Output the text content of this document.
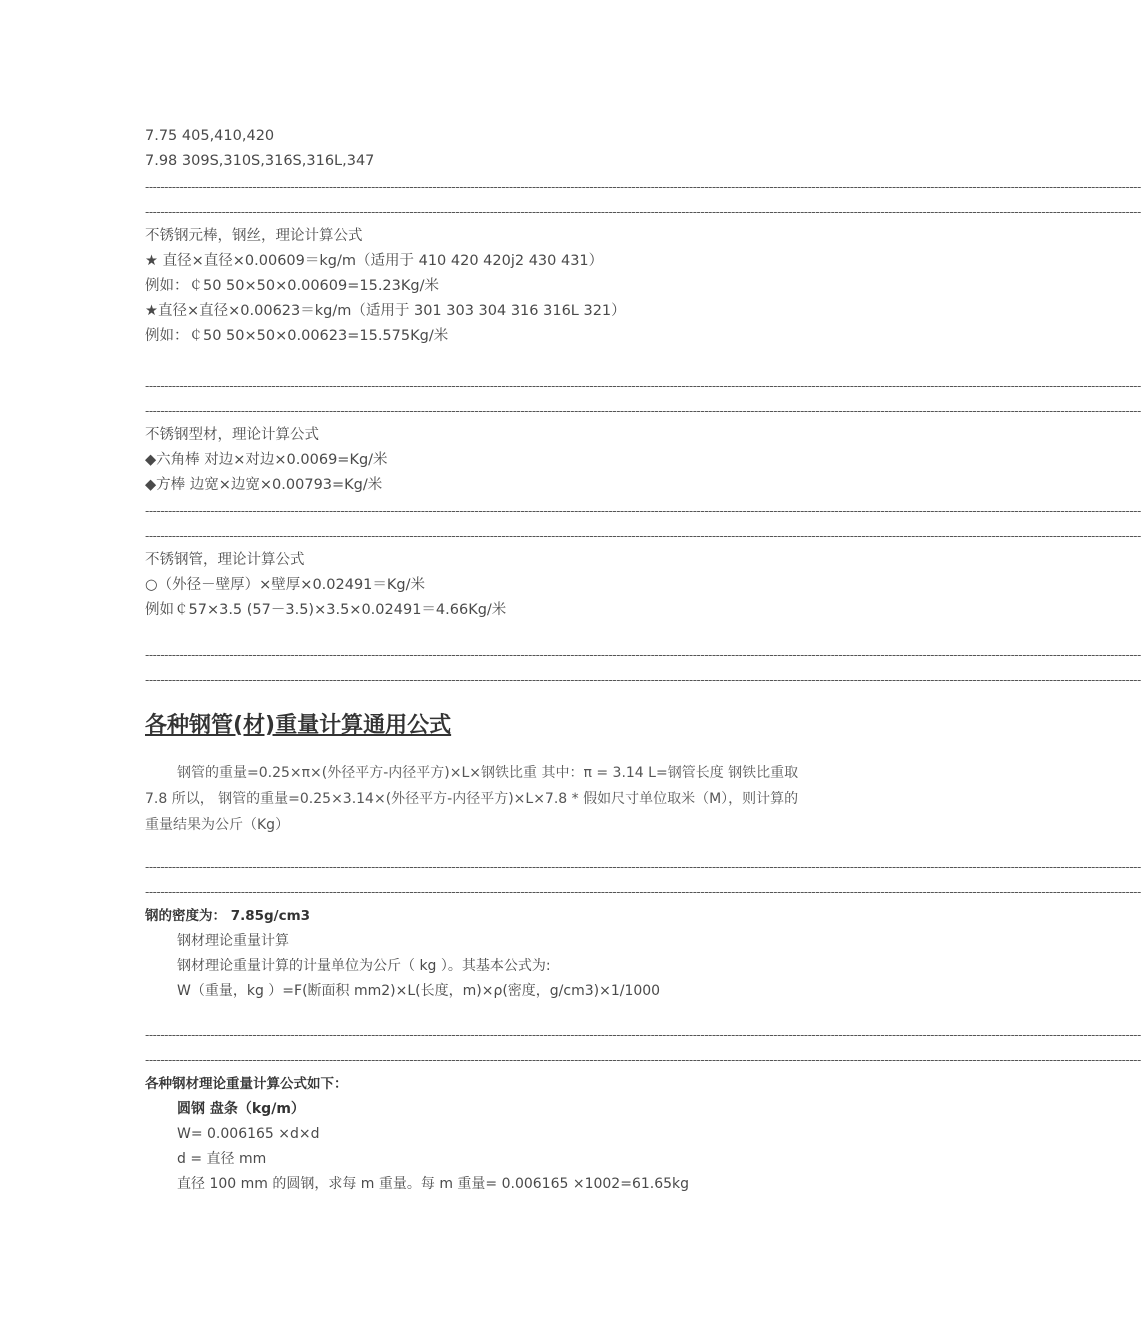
7.75 405,410,420
7.98 309S,310S,316S,316L,347
--------------------------------------------------------------------------------------------------------------------------------------------------------------------------------------------------------------------------------------------------------------------
--------------------------------------------------------------------------------------------------------------------------------------------------------------------------------------------------------------------------------------------------------------------
不锈钢元棒，钢丝，理论计算公式
★ 直径×直径×0.00609＝kg/m（适用于 410 420 420j2 430 431）
例如：￠50 50×50×0.00609=15.23Kg/米
★直径×直径×0.00623＝kg/m（适用于 301 303 304 316 316L 321）
例如：￠50 50×50×0.00623=15.575Kg/米
--------------------------------------------------------------------------------------------------------------------------------------------------------------------------------------------------------------------------------------------------------------------
--------------------------------------------------------------------------------------------------------------------------------------------------------------------------------------------------------------------------------------------------------------------
不锈钢型材，理论计算公式
◆六角棒 对边×对边×0.0069=Kg/米
◆方棒 边宽×边宽×0.00793=Kg/米
--------------------------------------------------------------------------------------------------------------------------------------------------------------------------------------------------------------------------------------------------------------------
--------------------------------------------------------------------------------------------------------------------------------------------------------------------------------------------------------------------------------------------------------------------
不锈钢管，理论计算公式
○（外径－壁厚）×壁厚×0.02491＝Kg/米
例如￠57×3.5 (57－3.5)×3.5×0.02491＝4.66Kg/米
--------------------------------------------------------------------------------------------------------------------------------------------------------------------------------------------------------------------------------------------------------------------
--------------------------------------------------------------------------------------------------------------------------------------------------------------------------------------------------------------------------------------------------------------------
各种钢管(材)重量计算通用公式
钢管的重量=0.25×π×(外径平方-内径平方)×L×钢铁比重 其中：π = 3.14 L=钢管长度 钢铁比重取 7.8 所以， 钢管的重量=0.25×3.14×(外径平方-内径平方)×L×7.8 * 假如尺寸单位取米（M），则计算的重量结果为公斤（Kg）
--------------------------------------------------------------------------------------------------------------------------------------------------------------------------------------------------------------------------------------------------------------------
--------------------------------------------------------------------------------------------------------------------------------------------------------------------------------------------------------------------------------------------------------------------
钢的密度为： 7.85g/cm3
钢材理论重量计算
钢材理论重量计算的计量单位为公斤（ kg ）。其基本公式为:
W（重量，kg ）=F(断面积 mm2)×L(长度，m)×ρ(密度，g/cm3)×1/1000
--------------------------------------------------------------------------------------------------------------------------------------------------------------------------------------------------------------------------------------------------------------------
--------------------------------------------------------------------------------------------------------------------------------------------------------------------------------------------------------------------------------------------------------------------
各种钢材理论重量计算公式如下：
圆钢 盘条（kg/m）
W= 0.006165 ×d×d
d = 直径 mm
直径 100 mm 的圆钢，求每 m 重量。每 m 重量= 0.006165 ×1002=61.65kg
